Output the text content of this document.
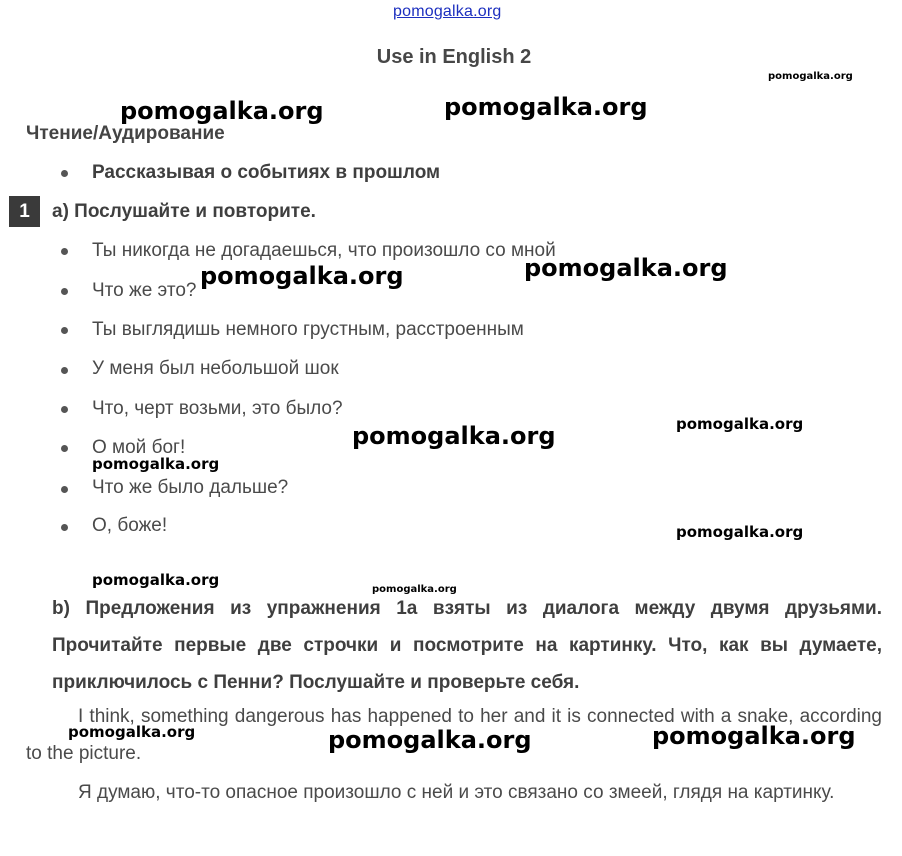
pomogalka.org
Use in English 2
Чтение/Аудирование
Рассказывая о событиях в прошлом
1	a) Послушайте и повторите.
Ты никогда не догадаешься, что произошло со мной
Что же это?
Ты выглядишь немного грустным, расстроенным
У меня был небольшой шок
Что, черт возьми, это было?
О мой бог!
Что же было дальше?
О, боже!
b) Предложения из упражнения 1a взяты из диалога между двумя друзьями. Прочитайте первые две строчки и посмотрите на картинку. Что, как вы думаете, приключилось с Пенни? Послушайте и проверьте себя.

I think, something dangerous has happened to her and it is connected with a snake, according to the picture.

Я думаю, что-то опасное произошло с ней и это связано со змеей, глядя на картинку.

pomogalka.org
pomogalka.org	pomogalka.org
pomogalka.org	pomogalka.org
pomogalka.org
pomogalka.org
pomogalka.org
pomogalka.org
pomogalka.org
pomogalka.org
pomogalka.org	pomogalka.org	pomogalka.org
